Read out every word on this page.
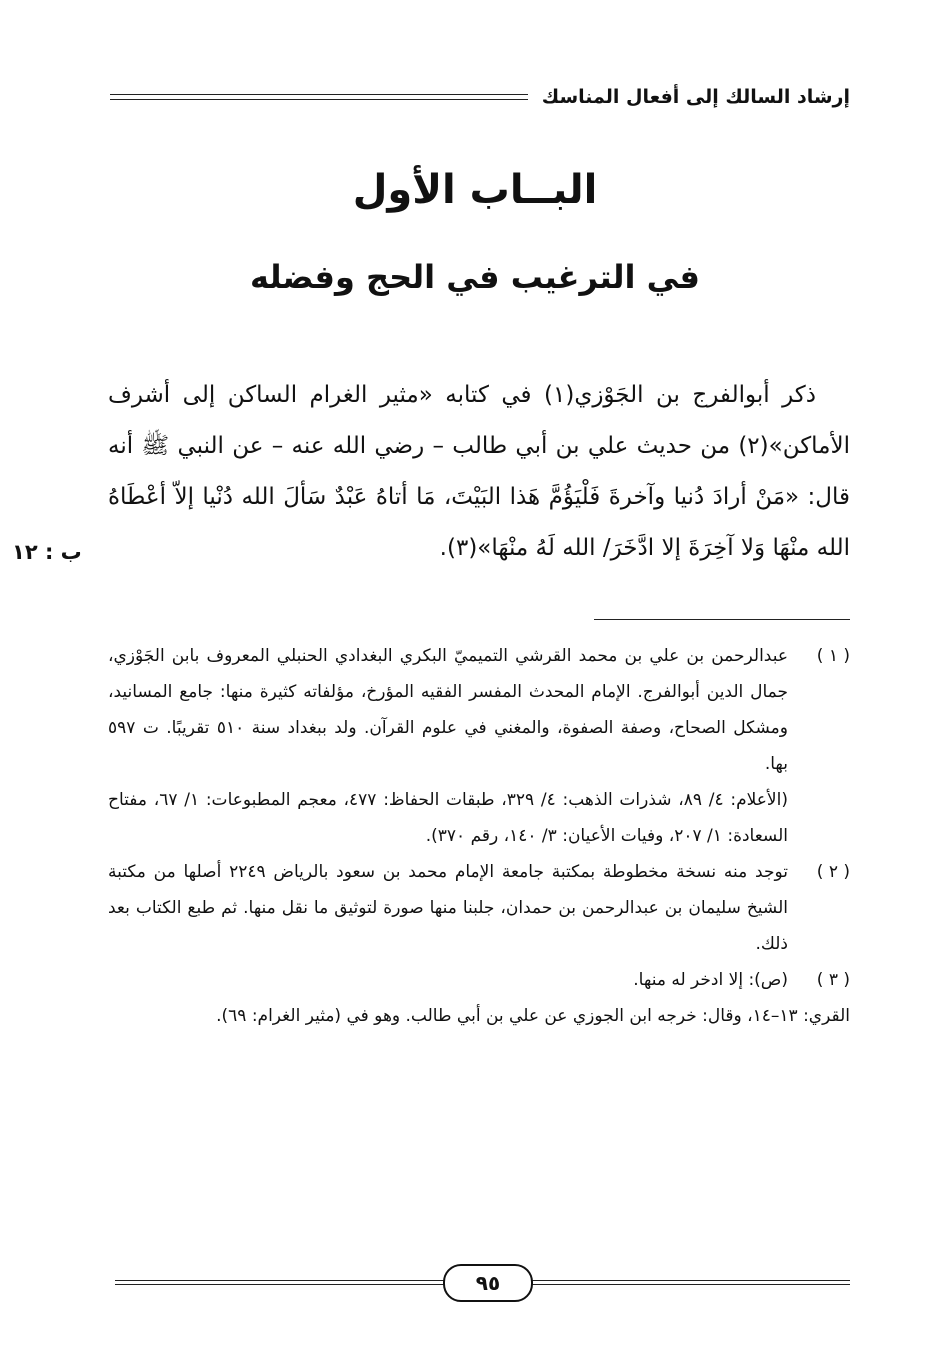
إرشاد السالك إلى أفعال المناسك
البــاب الأول
في الترغيب في الحج وفضله

ذكر أبوالفرج بن الجَوْزي(١) في كتابه «مثير الغرام الساكن إلى أشرف الأماكن»(٢) من حديث علي بن أبي طالب – رضي الله عنه – عن النبي ﷺ أنه قال: «مَنْ أرادَ دُنيا وآخرةَ فَلْيَؤُمَّ هَذا البَيْتَ، مَا أتاهُ عَبْدٌ سَألَ الله دُنْيا إلاّ أعْطَاهُ الله منْهَا وَلا آخِرَةَ إلا ادَّخَرَ/ الله لَهُ منْهَا»(٣).

ب : ١٢
( ١ )

عبدالرحمن بن علي بن محمد القرشي التميميّ البكري البغدادي الحنبلي المعروف بابن الجَوْزي، جمال الدين أبوالفرج. الإمام المحدث المفسر الفقيه المؤرخ، مؤلفاته كثيرة منها: جامع المسانيد، ومشكل الصحاح، وصفة الصفوة، والمغني في علوم القرآن. ولد ببغداد سنة ٥١٠ تقريبًا. ت ٥٩٧ بها.

(الأعلام: ٤/ ٨٩، شذرات الذهب: ٤/ ٣٢٩، طبقات الحفاظ: ٤٧٧، معجم المطبوعات: ١/ ٦٧، مفتاح السعادة: ١/ ٢٠٧، وفيات الأعيان: ٣/ ١٤٠، رقم ٣٧٠).

( ٢ )

توجد منه نسخة مخطوطة بمكتبة جامعة الإمام محمد بن سعود بالرياض ٢٢٤٩ أصلها من مكتبة الشيخ سليمان بن عبدالرحمن بن حمدان، جلبنا منها صورة لتوثيق ما نقل منها. ثم طبع الكتاب بعد ذلك.

( ٣ )

(ص): إلا ادخر له منها.

القري: ١٣–١٤، وقال: خرجه ابن الجوزي عن علي بن أبي طالب. وهو في (مثير الغرام: ٦٩).

٩٥
